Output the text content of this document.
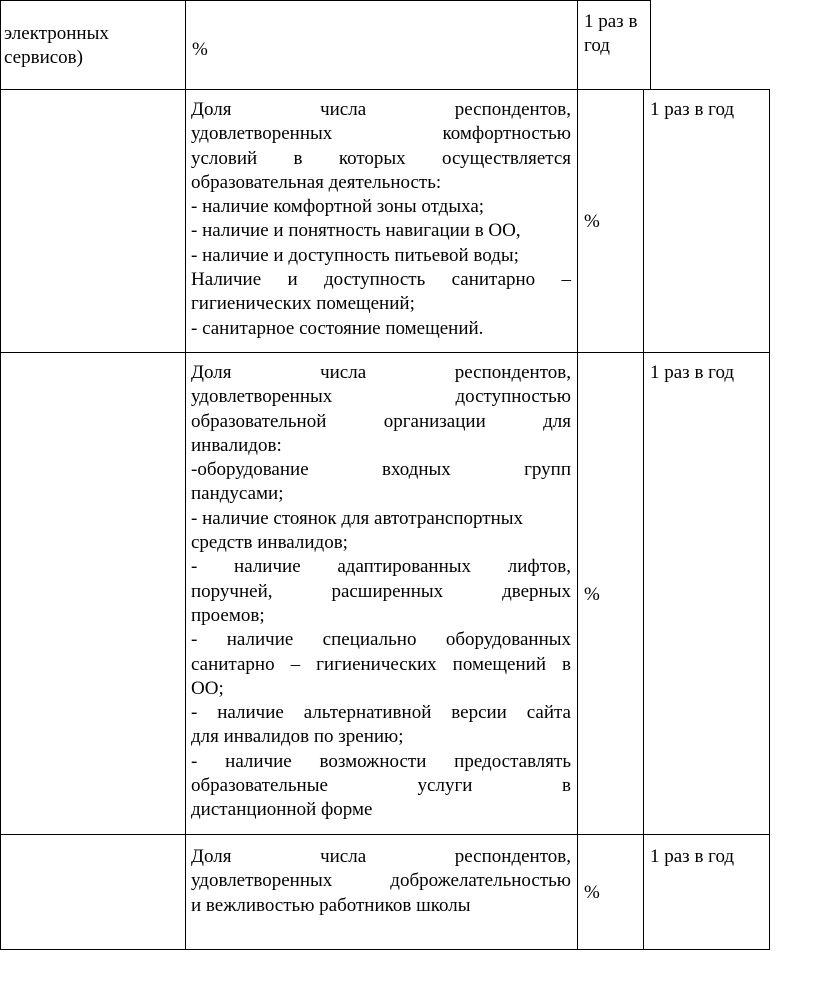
электронных
сервисов)	%
1 раз в
год
Доля числа респондентов,
удовлетворенных комфортностью
условий в которых осуществляется
образовательная деятельность:
- наличие комфортной зоны отдыха;
- наличие и понятность навигации в ОО,
- наличие и доступность питьевой воды;
Наличие и доступность санитарно –
гигиенических помещений;
- санитарное состояние помещений.
%
1 раз в год
Доля числа респондентов,
удовлетворенных доступностью
образовательной организации для
инвалидов:
-оборудование входных групп
пандусами;
- наличие стоянок для автотранспортных
средств инвалидов;
- наличие адаптированных лифтов,
поручней, расширенных дверных
проемов;
- наличие специально оборудованных
санитарно – гигиенических помещений в
ОО;
- наличие альтернативной версии сайта
для инвалидов по зрению;
- наличие возможности предоставлять
образовательные услуги в
дистанционной форме
%
1 раз в год
Доля числа респондентов,
удовлетворенных доброжелательностью
и вежливостью работников школы
%
1 раз в год
